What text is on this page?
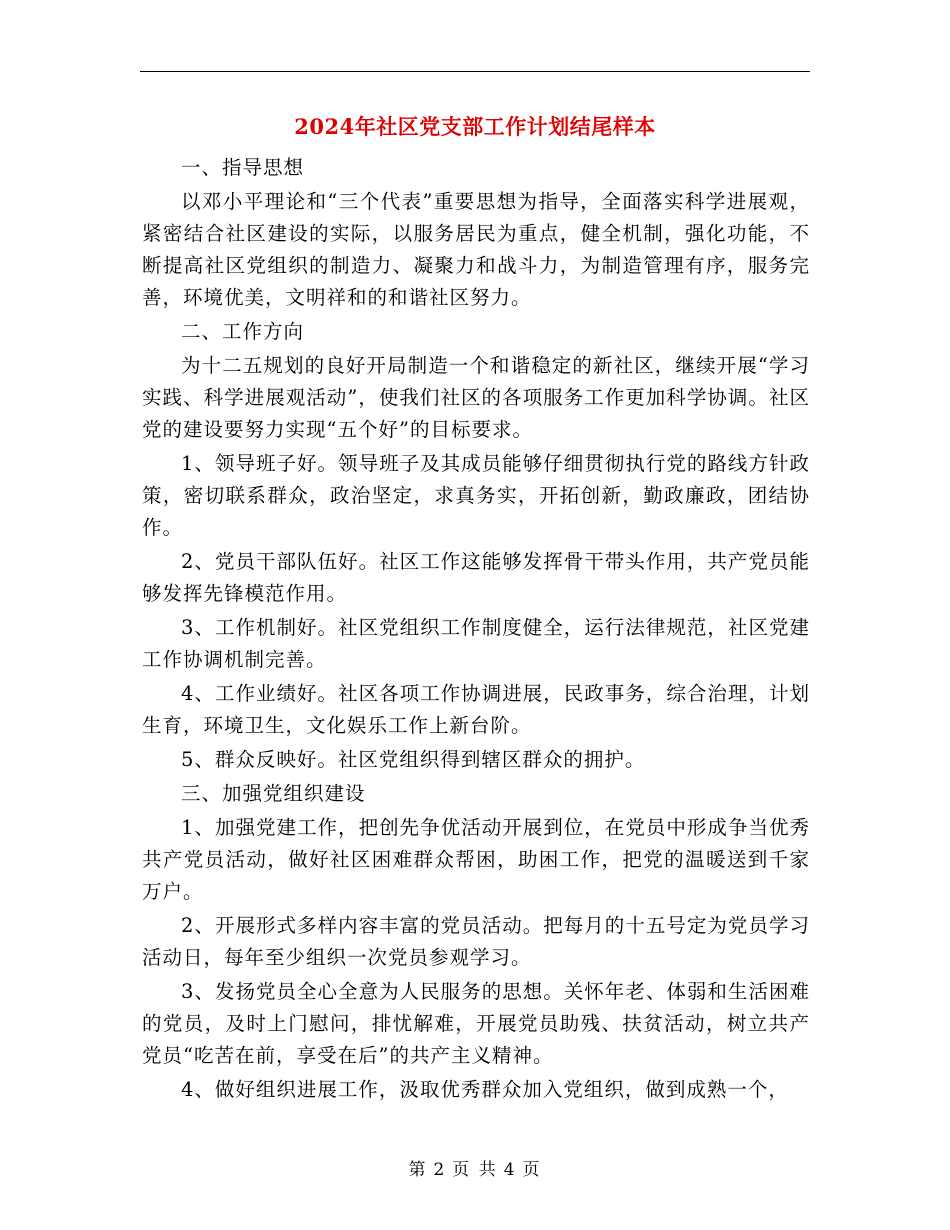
2024年社区党支部工作计划结尾样本

一、指导思想

以邓小平理论和“三个代表”重要思想为指导，全面落实科学进展观，紧密结合社区建设的实际，以服务居民为重点，健全机制，强化功能，不断提高社区党组织的制造力、凝聚力和战斗力，为制造管理有序，服务完善，环境优美，文明祥和的和谐社区努力。

二、工作方向

为十二五规划的良好开局制造一个和谐稳定的新社区，继续开展“学习实践、科学进展观活动”，使我们社区的各项服务工作更加科学协调。社区党的建设要努力实现“五个好”的目标要求。

1、领导班子好。领导班子及其成员能够仔细贯彻执行党的路线方针政策，密切联系群众，政治坚定，求真务实，开拓创新，勤政廉政，团结协作。

2、党员干部队伍好。社区工作这能够发挥骨干带头作用，共产党员能够发挥先锋模范作用。

3、工作机制好。社区党组织工作制度健全，运行法律规范，社区党建工作协调机制完善。

4、工作业绩好。社区各项工作协调进展，民政事务，综合治理，计划生育，环境卫生，文化娱乐工作上新台阶。

5、群众反映好。社区党组织得到辖区群众的拥护。

三、加强党组织建设

1、加强党建工作，把创先争优活动开展到位，在党员中形成争当优秀共产党员活动，做好社区困难群众帮困，助困工作，把党的温暖送到千家万户。

2、开展形式多样内容丰富的党员活动。把每月的十五号定为党员学习活动日，每年至少组织一次党员参观学习。

3、发扬党员全心全意为人民服务的思想。关怀年老、体弱和生活困难的党员，及时上门慰问，排忧解难，开展党员助残、扶贫活动，树立共产党员“吃苦在前，享受在后”的共产主义精神。

4、做好组织进展工作，汲取优秀群众加入党组织，做到成熟一个，

第 2 页 共 4 页
